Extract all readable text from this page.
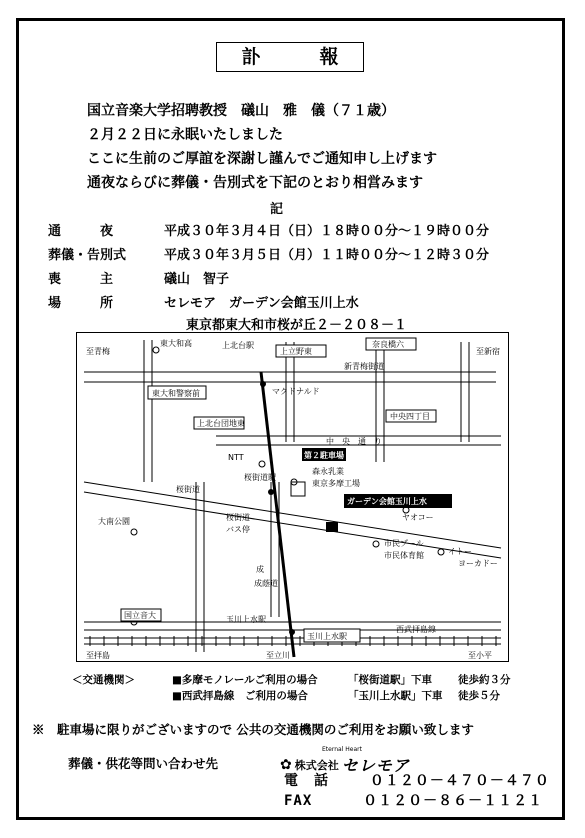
訃　報
国立音楽大学招聘教授　礒山　雅　儀（７１歳）
２月２２日に永眠いたしました
ここに生前のご厚誼を深謝し謹んでご通知申し上げます
通夜ならびに葬儀・告別式を下記のとおり相営みます
記
通　　　夜	平成３０年３月４日（日）１８時００分～１９時００分
葬儀・告別式	平成３０年３月５日（月）１１時００分～１２時３０分
喪　　　主	礒山　智子
場　　　所	セレモア　ガーデン会館玉川上水
東京都東大和市桜が丘２－２０８－１
至青梅
東大和高	上北台駅
上立野東
奈良橋六
至新宿
新青梅街道
東大和警察前	マクドナルド
上北台団地東
中央四丁目
中　央　通　り
NTT
桜街道駅
第２駐車場
森永乳業
東京多摩工場
桜街道
ガーデン会館玉川上水
ヤオコー
桜街道
バス停
大南公園
市民プール
市民体育館	イトー
ヨーカドー
成
成蔭道
国立音大	玉川上水駅
玉川上水駅
西武拝島線
至拝島	至立川	至小平
＜交通機関＞	■多摩モノレールご利用の場合	「桜街道駅」下車 徒歩約３分
■西武拝島線　ご利用の場合	「玉川上水駅」下車 徒歩５分
※　駐車場に限りがございますので 公共の交通機関のご利用をお願い致します
葬儀・供花等問い合わせ先
Eternal Heart
✿ 株式会社 セレモア
電　話	０１２０－４７０－４７０
FAX	０１２０－８６－１１２１
